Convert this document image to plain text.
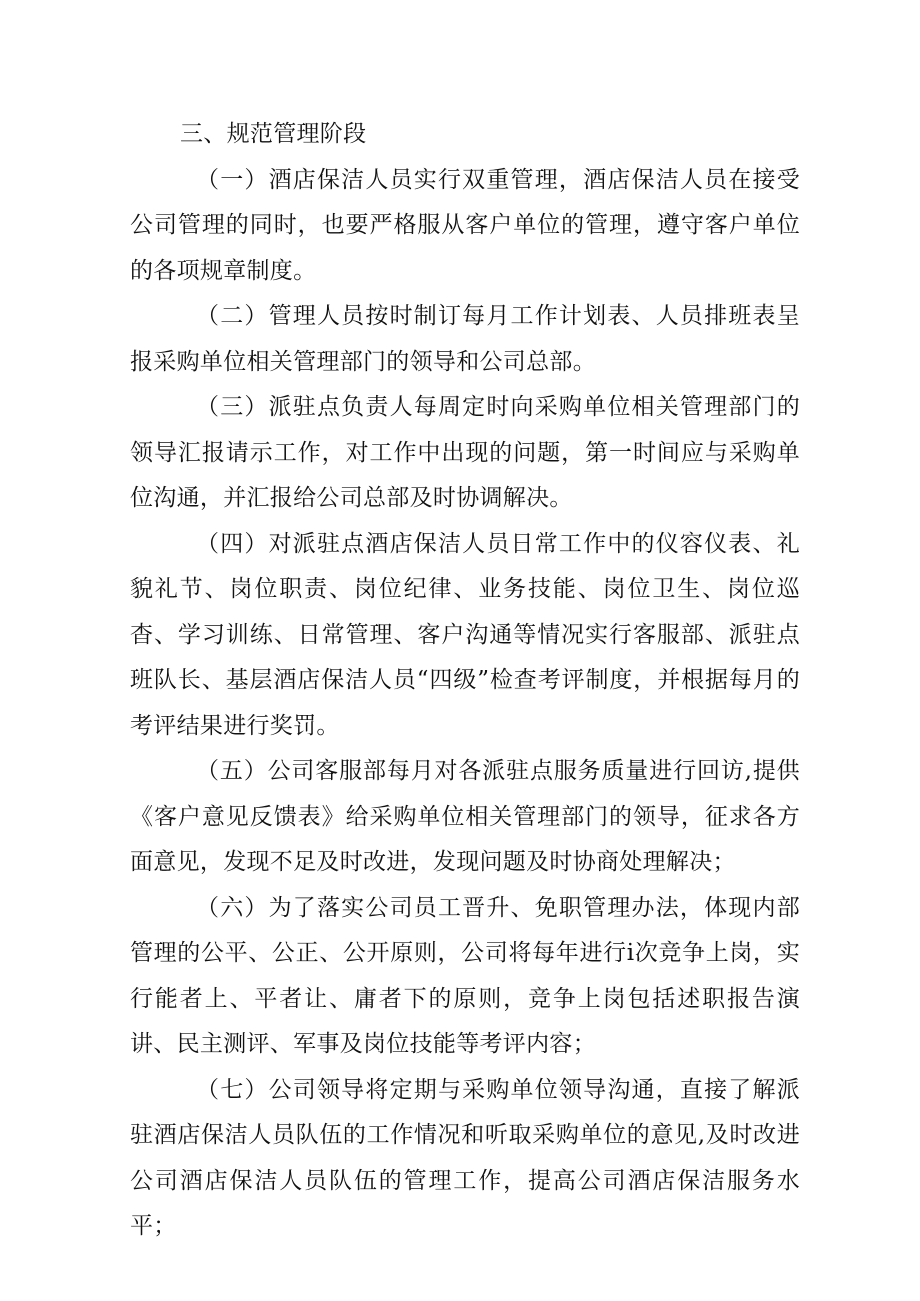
三、规范管理阶段

（一）酒店保洁人员实行双重管理，酒店保洁人员在接受公司管理的同时，也要严格服从客户单位的管理，遵守客户单位的各项规章制度。

（二）管理人员按时制订每月工作计划表、人员排班表呈报采购单位相关管理部门的领导和公司总部。

（三）派驻点负责人每周定时向采购单位相关管理部门的领导汇报请示工作，对工作中出现的问题，第一时间应与采购单位沟通，并汇报给公司总部及时协调解决。

（四）对派驻点酒店保洁人员日常工作中的仪容仪表、礼貌礼节、岗位职责、岗位纪律、业务技能、岗位卫生、岗位巡杳、学习训练、日常管理、客户沟通等情况实行客服部、派驻点班队长、基层酒店保洁人员“四级”检查考评制度，并根据每月的考评结果进行奖罚。

（五）公司客服部每月对各派驻点服务质量进行回访,提供《客户意见反馈表》给采购单位相关管理部门的领导，征求各方面意见，发现不足及时改进，发现问题及时协商处理解决；

（六）为了落实公司员工晋升、免职管理办法，体现内部管理的公平、公正、公开原则，公司将每年进行i次竞争上岗，实行能者上、平者让、庸者下的原则，竞争上岗包括述职报告演讲、民主测评、军事及岗位技能等考评内容；

（七）公司领导将定期与采购单位领导沟通，直接了解派驻酒店保洁人员队伍的工作情况和听取采购单位的意见,及时改进公司酒店保洁人员队伍的管理工作，提高公司酒店保洁服务水平；
